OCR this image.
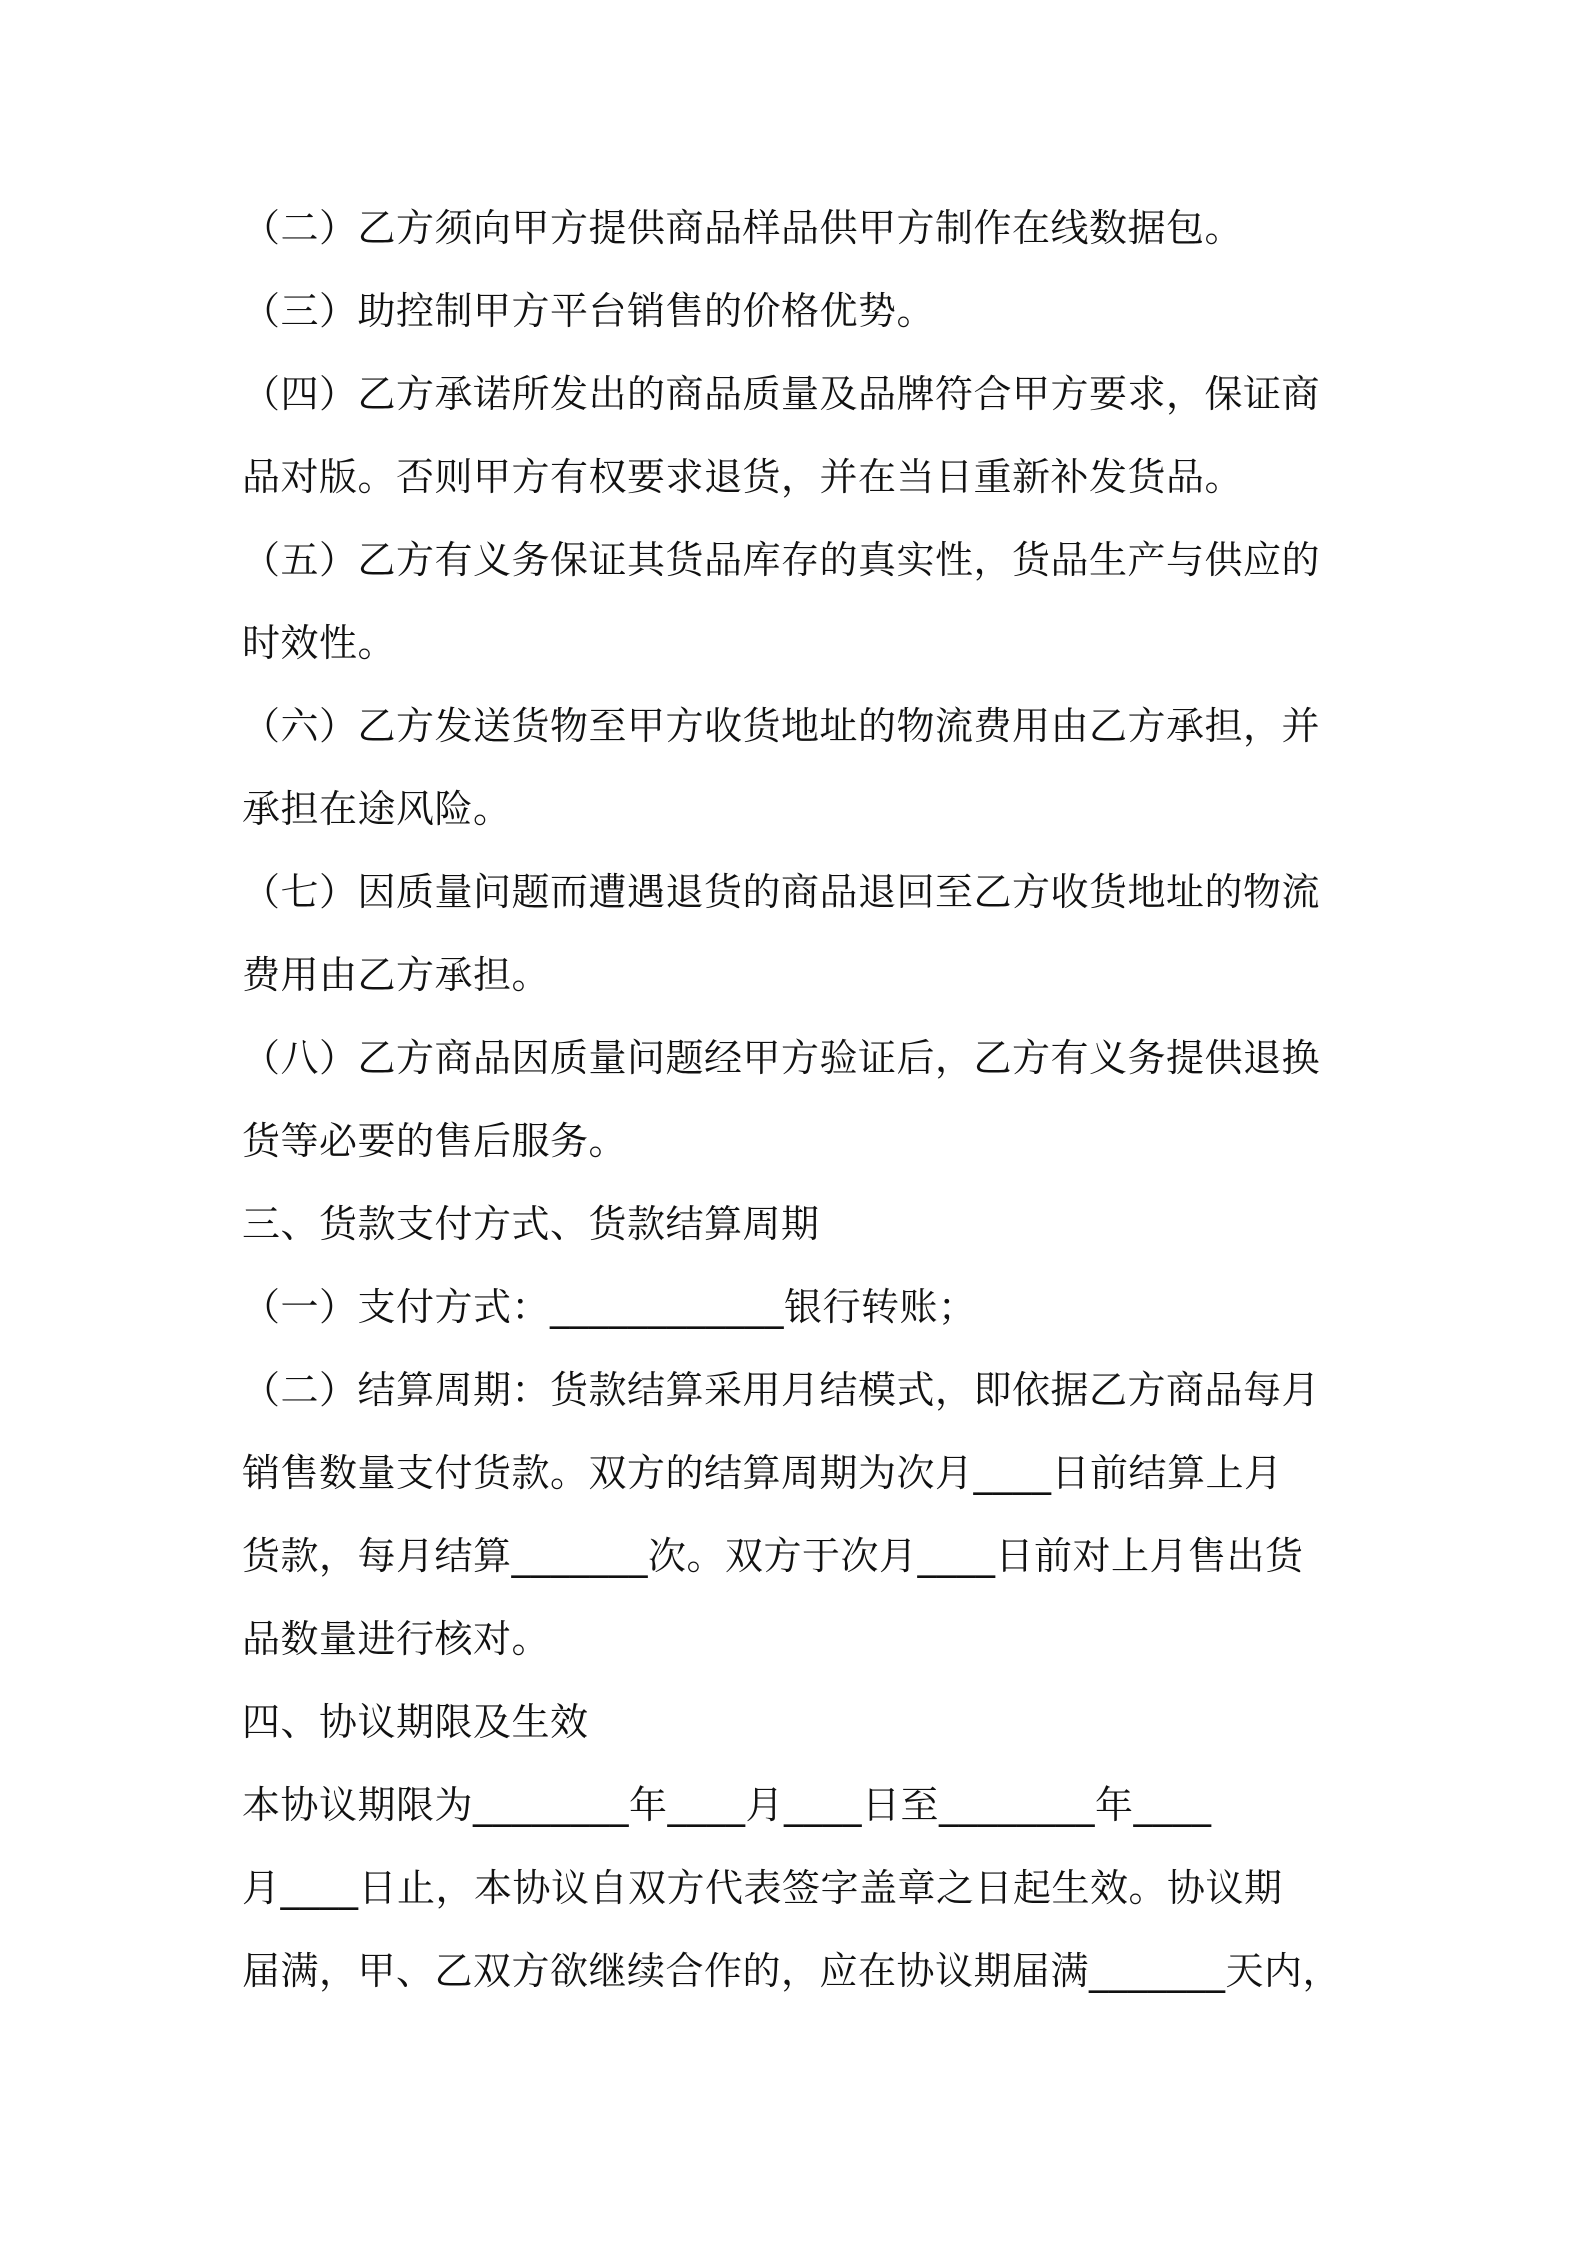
（二）乙方须向甲方提供商品样品供甲方制作在线数据包。
（三）助控制甲方平台销售的价格优势。
（四）乙方承诺所发出的商品质量及品牌符合甲方要求，保证商
品对版。否则甲方有权要求退货，并在当日重新补发货品。
（五）乙方有义务保证其货品库存的真实性，货品生产与供应的
时效性。
（六）乙方发送货物至甲方收货地址的物流费用由乙方承担，并
承担在途风险。
（七）因质量问题而遭遇退货的商品退回至乙方收货地址的物流
费用由乙方承担。
（八）乙方商品因质量问题经甲方验证后，乙方有义务提供退换
货等必要的售后服务。
三、货款支付方式、货款结算周期
（一）支付方式：____________银行转账；
（二）结算周期：货款结算采用月结模式，即依据乙方商品每月
销售数量支付货款。双方的结算周期为次月____日前结算上月
货款，每月结算_______次。双方于次月____日前对上月售出货
品数量进行核对。
四、协议期限及生效
本协议期限为________年____月____日至________年____
月____日止，本协议自双方代表签字盖章之日起生效。协议期
届满，甲、乙双方欲继续合作的，应在协议期届满_______天内，
